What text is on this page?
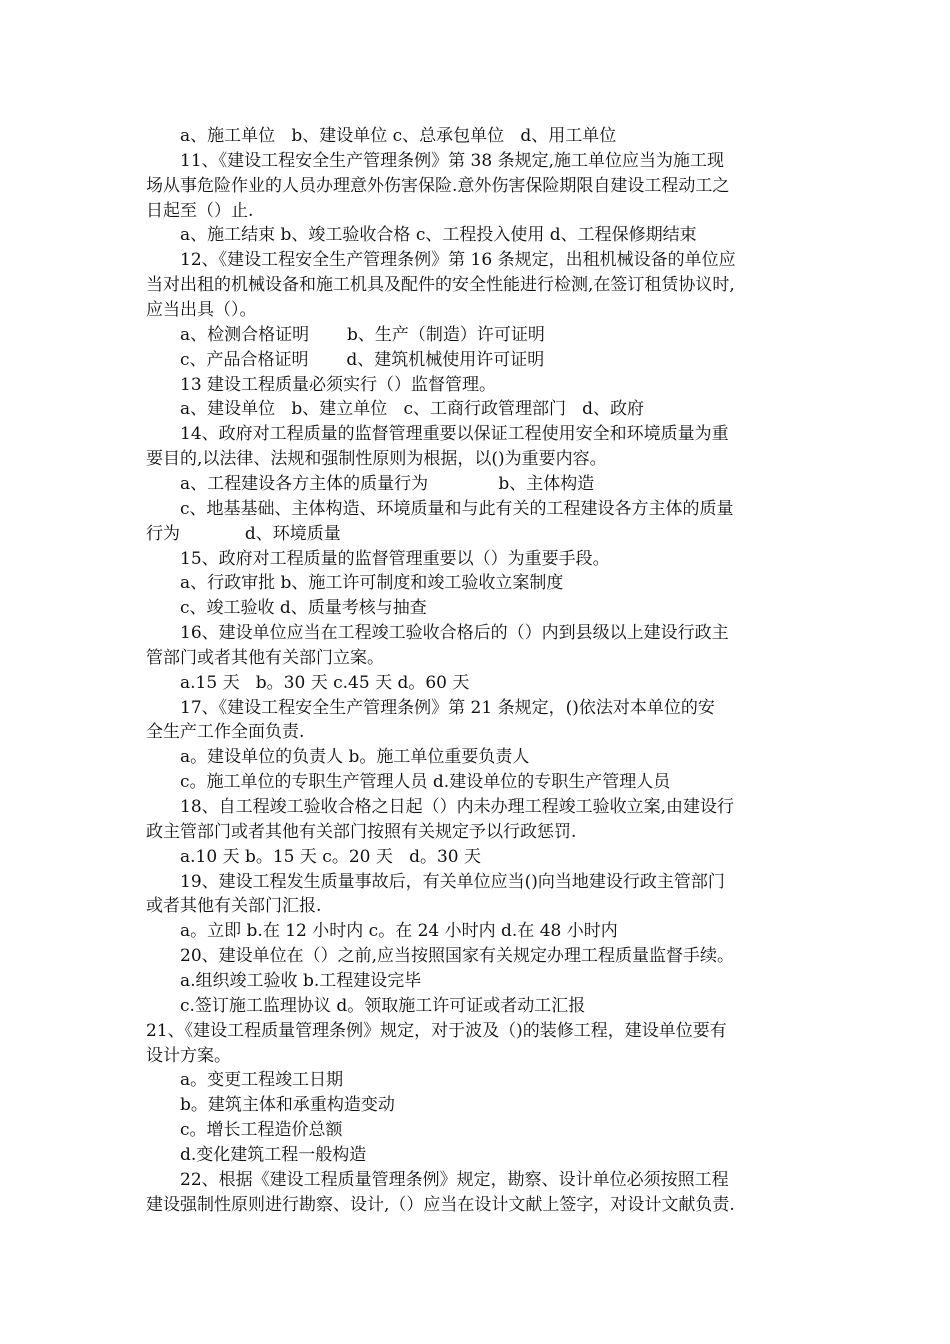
a、施工单位   b、建设单位 c、总承包单位   d、用工单位
11、《建设工程安全生产管理条例》第 38 条规定,施工单位应当为施工现
场从事危险作业的人员办理意外伤害保险.意外伤害保险期限自建设工程动工之
日起至（）止.
a、施工结束 b、竣工验收合格 c、工程投入使用 d、工程保修期结束
12、《建设工程安全生产管理条例》第 16 条规定，出租机械设备的单位应
当对出租的机械设备和施工机具及配件的安全性能进行检测,在签订租赁协议时,
应当出具（）。
a、检测合格证明       b、生产（制造）许可证明
c、产品合格证明       d、建筑机械使用许可证明
13 建设工程质量必须实行（）监督管理。
a、建设单位   b、建立单位   c、工商行政管理部门   d、政府
14、政府对工程质量的监督管理重要以保证工程使用安全和环境质量为重
要目的,以法律、法规和强制性原则为根据，以()为重要内容。
a、工程建设各方主体的质量行为             b、主体构造
c、地基基础、主体构造、环境质量和与此有关的工程建设各方主体的质量
行为            d、环境质量
15、政府对工程质量的监督管理重要以（）为重要手段。
a、行政审批 b、施工许可制度和竣工验收立案制度
c、竣工验收 d、质量考核与抽查
16、建设单位应当在工程竣工验收合格后的（）内到县级以上建设行政主
管部门或者其他有关部门立案。
a.15 天   b。30 天 c.45 天 d。60 天
17、《建设工程安全生产管理条例》第 21 条规定，()依法对本单位的安
全生产工作全面负责.
a。建设单位的负责人 b。施工单位重要负责人
c。施工单位的专职生产管理人员 d.建设单位的专职生产管理人员
18、自工程竣工验收合格之日起（）内未办理工程竣工验收立案,由建设行
政主管部门或者其他有关部门按照有关规定予以行政惩罚.
a.10 天 b。15 天 c。20 天   d。30 天
19、建设工程发生质量事故后，有关单位应当()向当地建设行政主管部门
或者其他有关部门汇报.
a。立即 b.在 12 小时内 c。在 24 小时内 d.在 48 小时内
20、建设单位在（）之前,应当按照国家有关规定办理工程质量监督手续。
a.组织竣工验收 b.工程建设完毕
c.签订施工监理协议 d。领取施工许可证或者动工汇报
21、《建设工程质量管理条例》规定，对于波及（)的装修工程，建设单位要有
设计方案。
a。变更工程竣工日期
b。建筑主体和承重构造变动
c。增长工程造价总额
d.变化建筑工程一般构造
22、根据《建设工程质量管理条例》规定，勘察、设计单位必须按照工程
建设强制性原则进行勘察、设计,（）应当在设计文献上签字，对设计文献负责.
